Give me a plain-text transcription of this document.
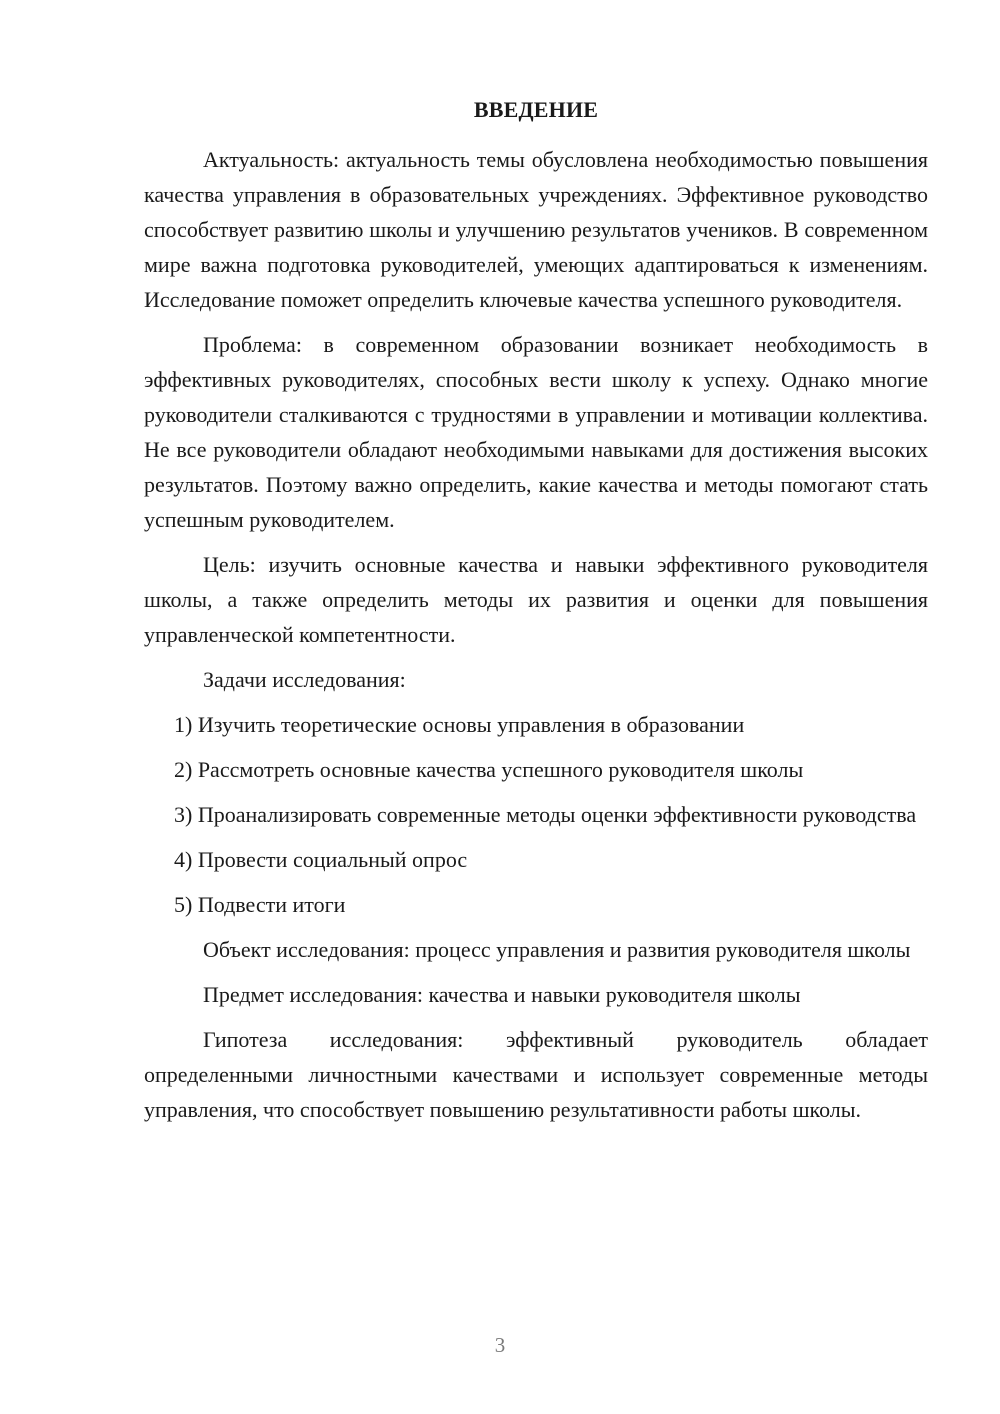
ВВЕДЕНИЕ

Актуальность: актуальность темы обусловлена необходимостью повышения качества управления в образовательных учреждениях. Эффективное руководство способствует развитию школы и улучшению результатов учеников. В современном мире важна подготовка руководителей, умеющих адаптироваться к изменениям. Исследование поможет определить ключевые качества успешного руководителя.

Проблема: в современном образовании возникает необходимость в эффективных руководителях, способных вести школу к успеху. Однако многие руководители сталкиваются с трудностями в управлении и мотивации коллектива. Не все руководители обладают необходимыми навыками для достижения высоких результатов. Поэтому важно определить, какие качества и методы помогают стать успешным руководителем.

Цель: изучить основные качества и навыки эффективного руководителя школы, а также определить методы их развития и оценки для повышения управленческой компетентности.

Задачи исследования:

1) Изучить теоретические основы управления в образовании

2) Рассмотреть основные качества успешного руководителя школы

3) Проанализировать современные методы оценки эффективности руководства

4) Провести социальный опрос

5) Подвести итоги

Объект исследования: процесс управления и развития руководителя школы

Предмет исследования: качества и навыки руководителя школы

Гипотеза исследования: эффективный руководитель обладает определенными личностными качествами и использует современные методы управления, что способствует повышению результативности работы школы.

3
